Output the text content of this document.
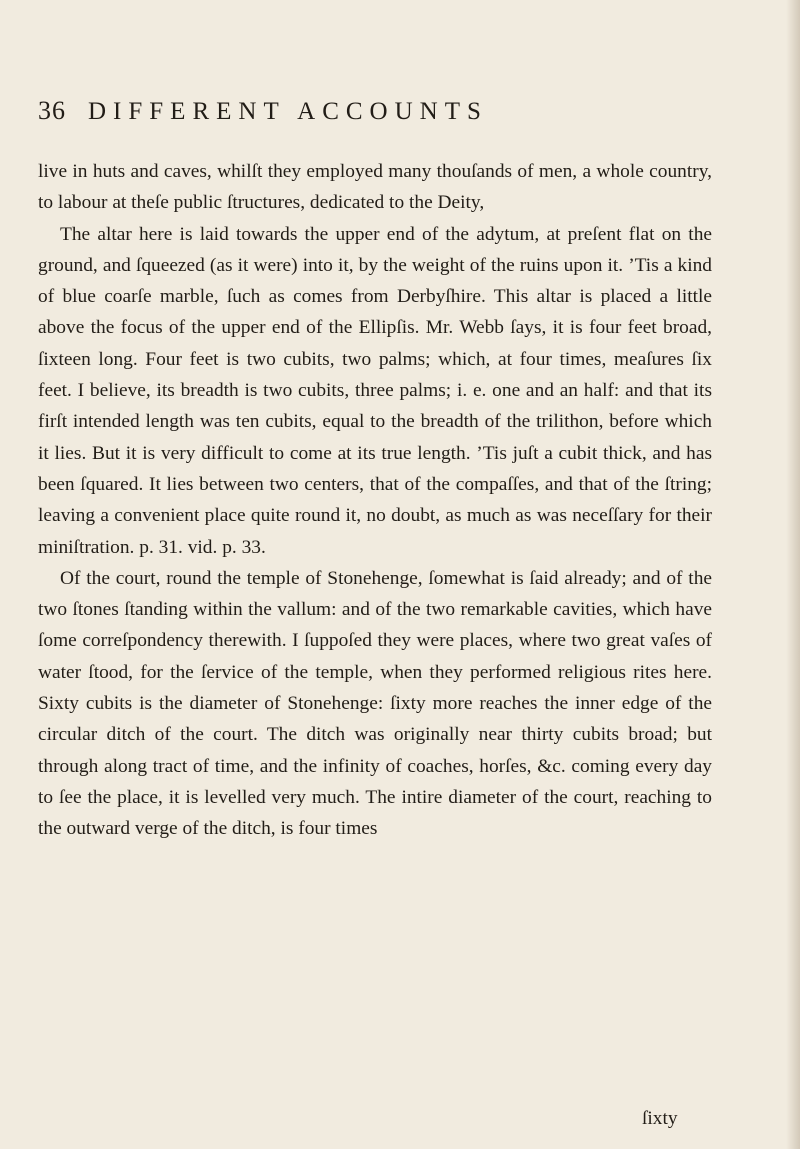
36 DIFFERENT ACCOUNTS

live in huts and caves, whilſt they employed many thouſands of men, a whole country, to labour at theſe public ſtructures, dedicated to the Deity,

The altar here is laid towards the upper end of the adytum, at preſent flat on the ground, and ſqueezed (as it were) into it, by the weight of the ruins upon it. ’Tis a kind of blue coarſe marble, ſuch as comes from Derbyſhire. This altar is placed a little above the focus of the upper end of the Ellipſis. Mr. Webb ſays, it is four feet broad, ſixteen long. Four feet is two cubits, two palms; which, at four times, meaſures ſix feet. I believe, its breadth is two cubits, three palms; i. e. one and an half: and that its firſt intended length was ten cubits, equal to the breadth of the trilithon, before which it lies. But it is very difficult to come at its true length. ’Tis juſt a cubit thick, and has been ſquared. It lies between two centers, that of the compaſſes, and that of the ſtring; leaving a convenient place quite round it, no doubt, as much as was neceſſary for their miniſtration. p. 31. vid. p. 33.

Of the court, round the temple of Stonehenge, ſomewhat is ſaid already; and of the two ſtones ſtanding within the vallum: and of the two remarkable cavities, which have ſome correſpondency therewith. I ſuppoſed they were places, where two great vaſes of water ſtood, for the ſervice of the temple, when they performed religious rites here. Sixty cubits is the diameter of Stonehenge: ſixty more reaches the inner edge of the circular ditch of the court. The ditch was originally near thirty cubits broad; but through along tract of time, and the infinity of coaches, horſes, &c. coming every day to ſee the place, it is levelled very much. The intire diameter of the court, reaching to the outward verge of the ditch, is four times

ſixty
